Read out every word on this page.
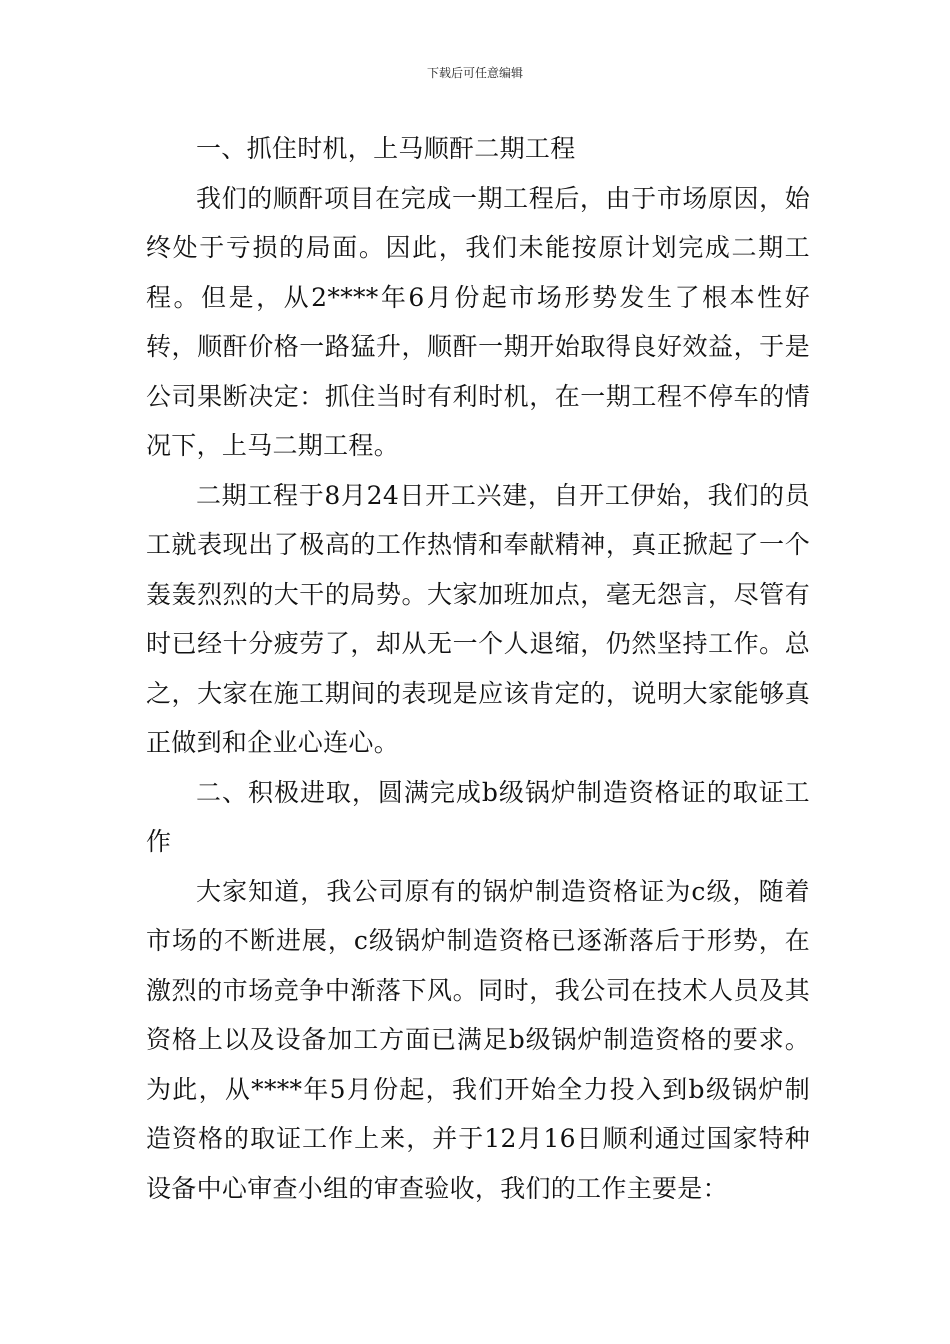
下载后可任意编辑

一、抓住时机，上马顺酐二期工程

我们的顺酐项目在完成一期工程后，由于市场原因，始终处于亏损的局面。因此，我们未能按原计划完成二期工程。但是，从2****年6月份起市场形势发生了根本性好转，顺酐价格一路猛升，顺酐一期开始取得良好效益，于是公司果断决定：抓住当时有利时机，在一期工程不停车的情况下，上马二期工程。

二期工程于8月24日开工兴建，自开工伊始，我们的员工就表现出了极高的工作热情和奉献精神，真正掀起了一个轰轰烈烈的大干的局势。大家加班加点，毫无怨言，尽管有时已经十分疲劳了，却从无一个人退缩，仍然坚持工作。总之，大家在施工期间的表现是应该肯定的，说明大家能够真正做到和企业心连心。

二、积极进取，圆满完成b级锅炉制造资格证的取证工作

大家知道，我公司原有的锅炉制造资格证为c级，随着市场的不断进展，c级锅炉制造资格已逐渐落后于形势，在激烈的市场竞争中渐落下风。同时，我公司在技术人员及其资格上以及设备加工方面已满足b级锅炉制造资格的要求。为此，从****年5月份起，我们开始全力投入到b级锅炉制造资格的取证工作上来，并于12月16日顺利通过国家特种设备中心审查小组的审查验收，我们的工作主要是：
